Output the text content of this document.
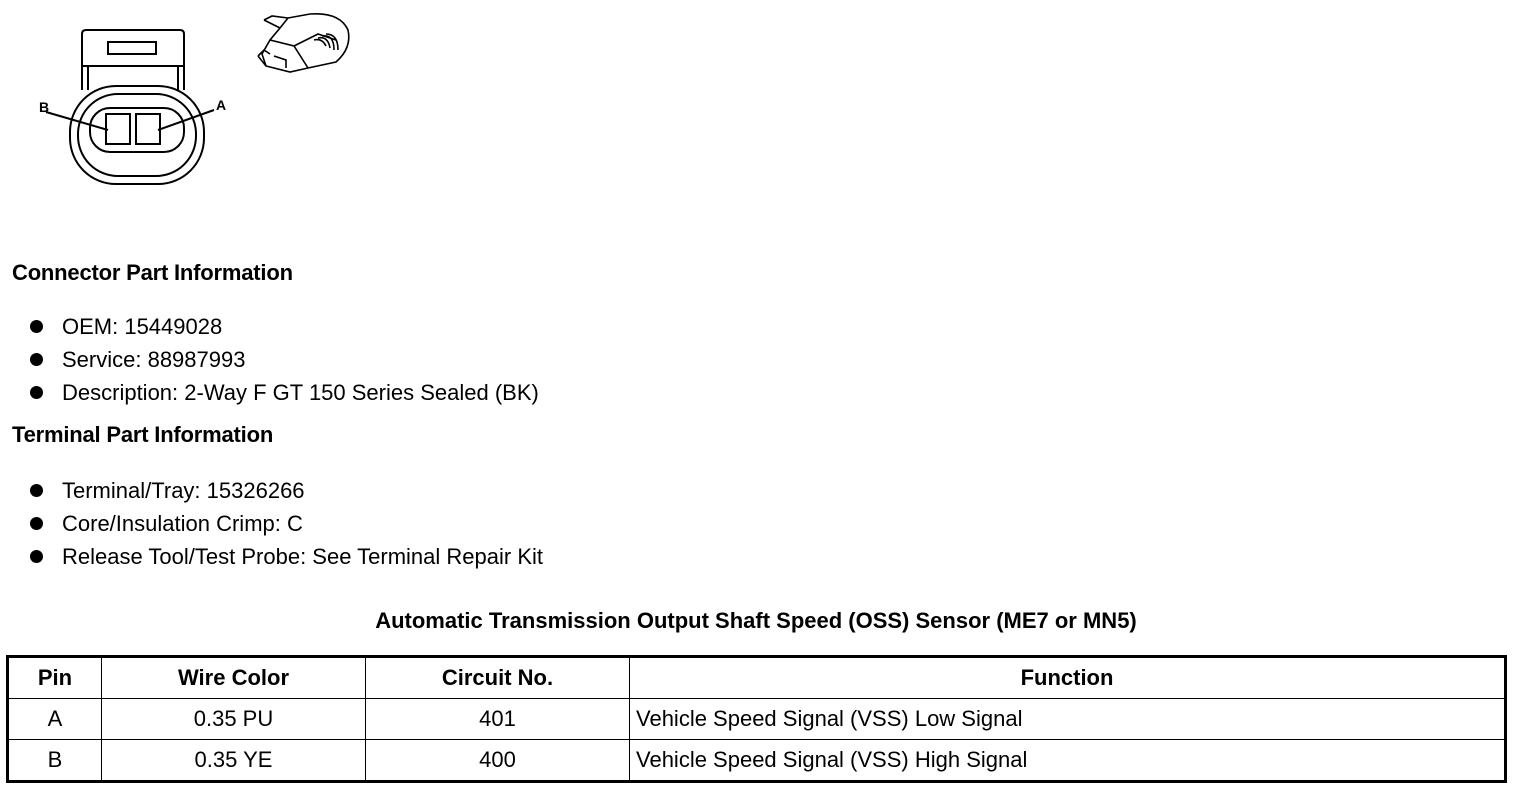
B	A
Connector Part Information
OEM: 15449028
Service: 88987993
Description: 2-Way F GT 150 Series Sealed (BK)
Terminal Part Information
Terminal/Tray: 15326266
Core/Insulation Crimp: C
Release Tool/Test Probe: See Terminal Repair Kit
Automatic Transmission Output Shaft Speed (OSS) Sensor (ME7 or MN5)
Pin	Wire Color	Circuit No.	Function
A	0.35 PU	401	Vehicle Speed Signal (VSS) Low Signal
B	0.35 YE	400	Vehicle Speed Signal (VSS) High Signal
